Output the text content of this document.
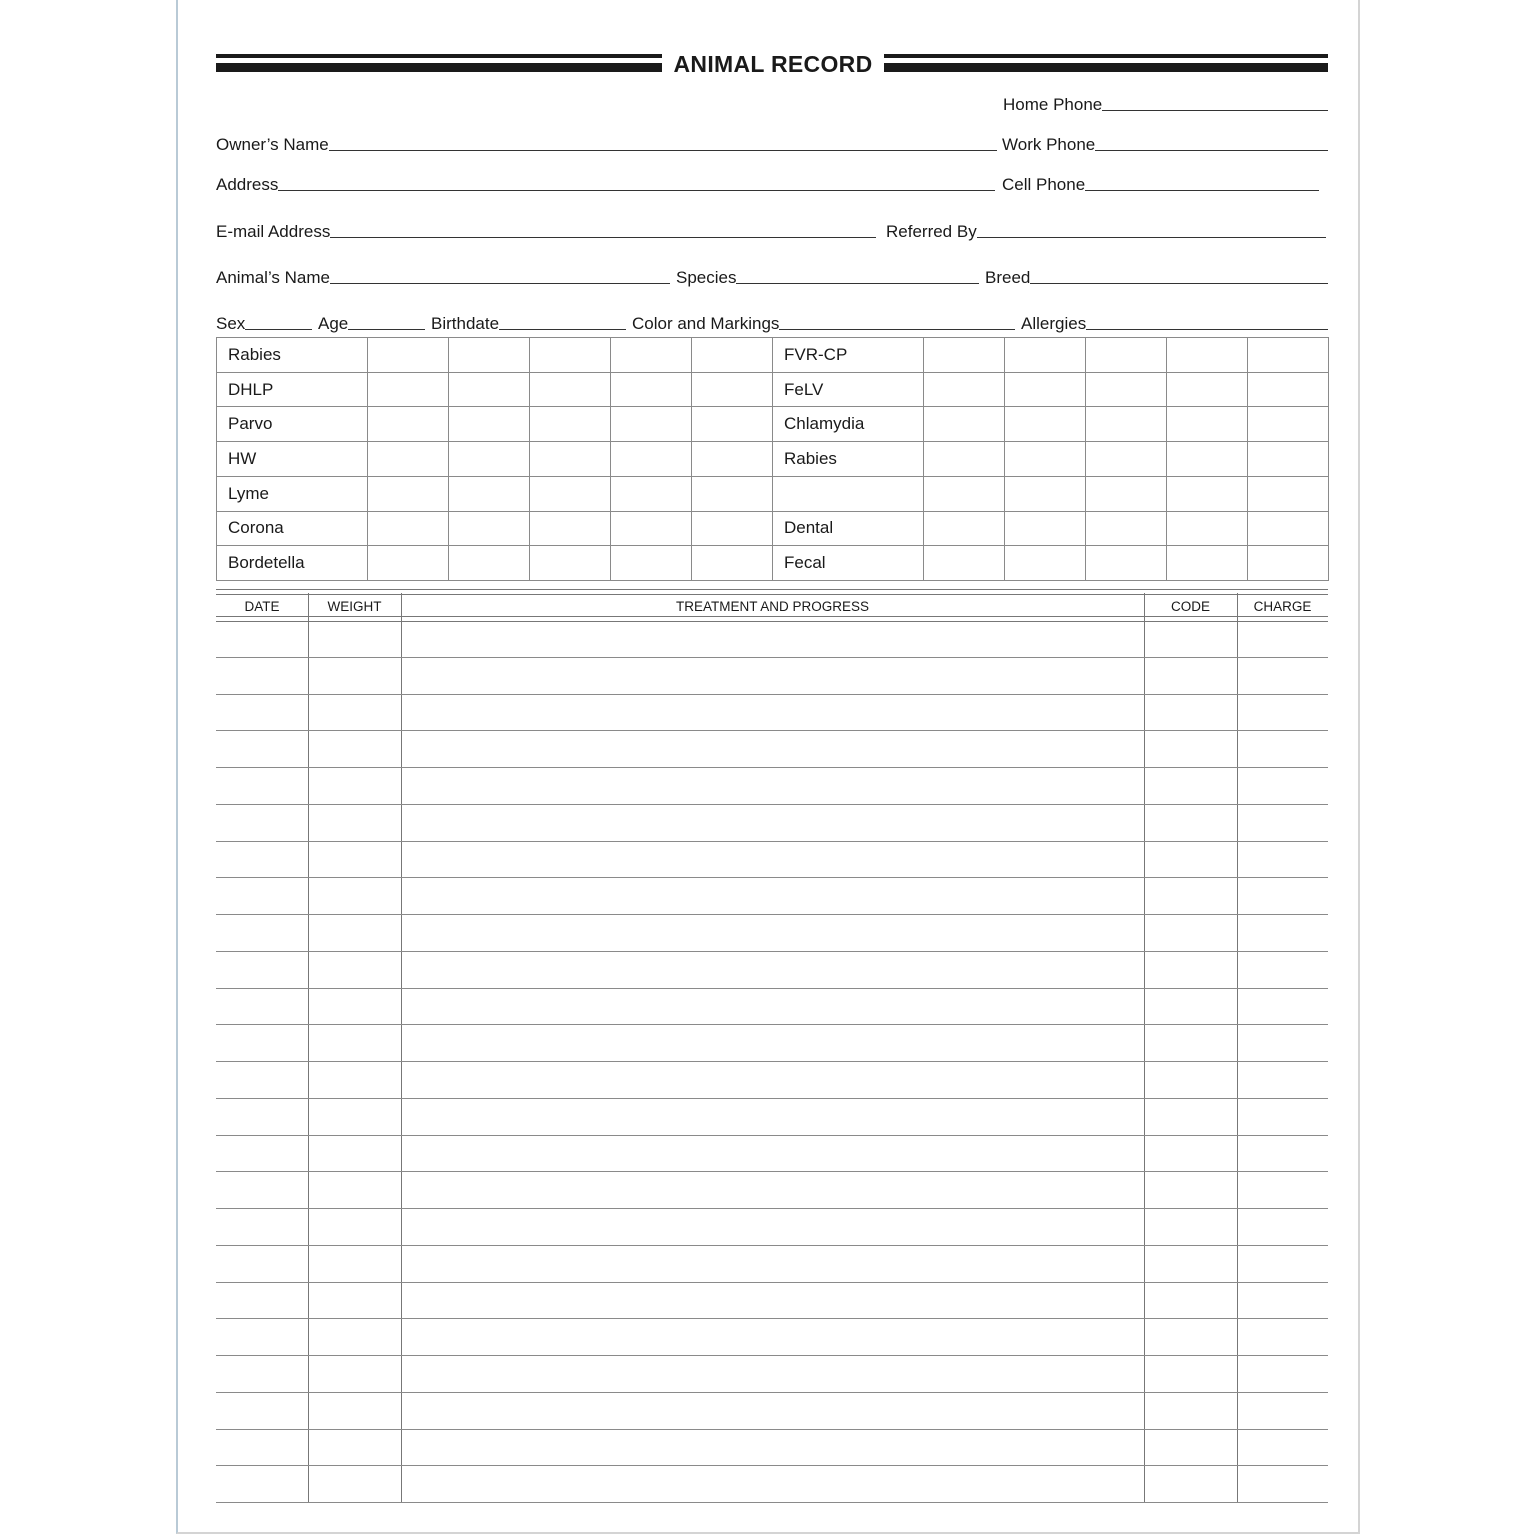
ANIMAL RECORD
Home Phone
Owner’s Name	Work Phone
Address	Cell Phone
E-mail Address	Referred By
Animal’s Name	Species	Breed
Sex	Age	Birthdate	Color and Markings	Allergies
Rabies						FVR-CP					
DHLP						FeLV					
Parvo						Chlamydia					
HW						Rabies					
Lyme											
Corona						Dental					
Bordetella						Fecal					
DATE	WEIGHT	TREATMENT AND PROGRESS	CODE	CHARGE
